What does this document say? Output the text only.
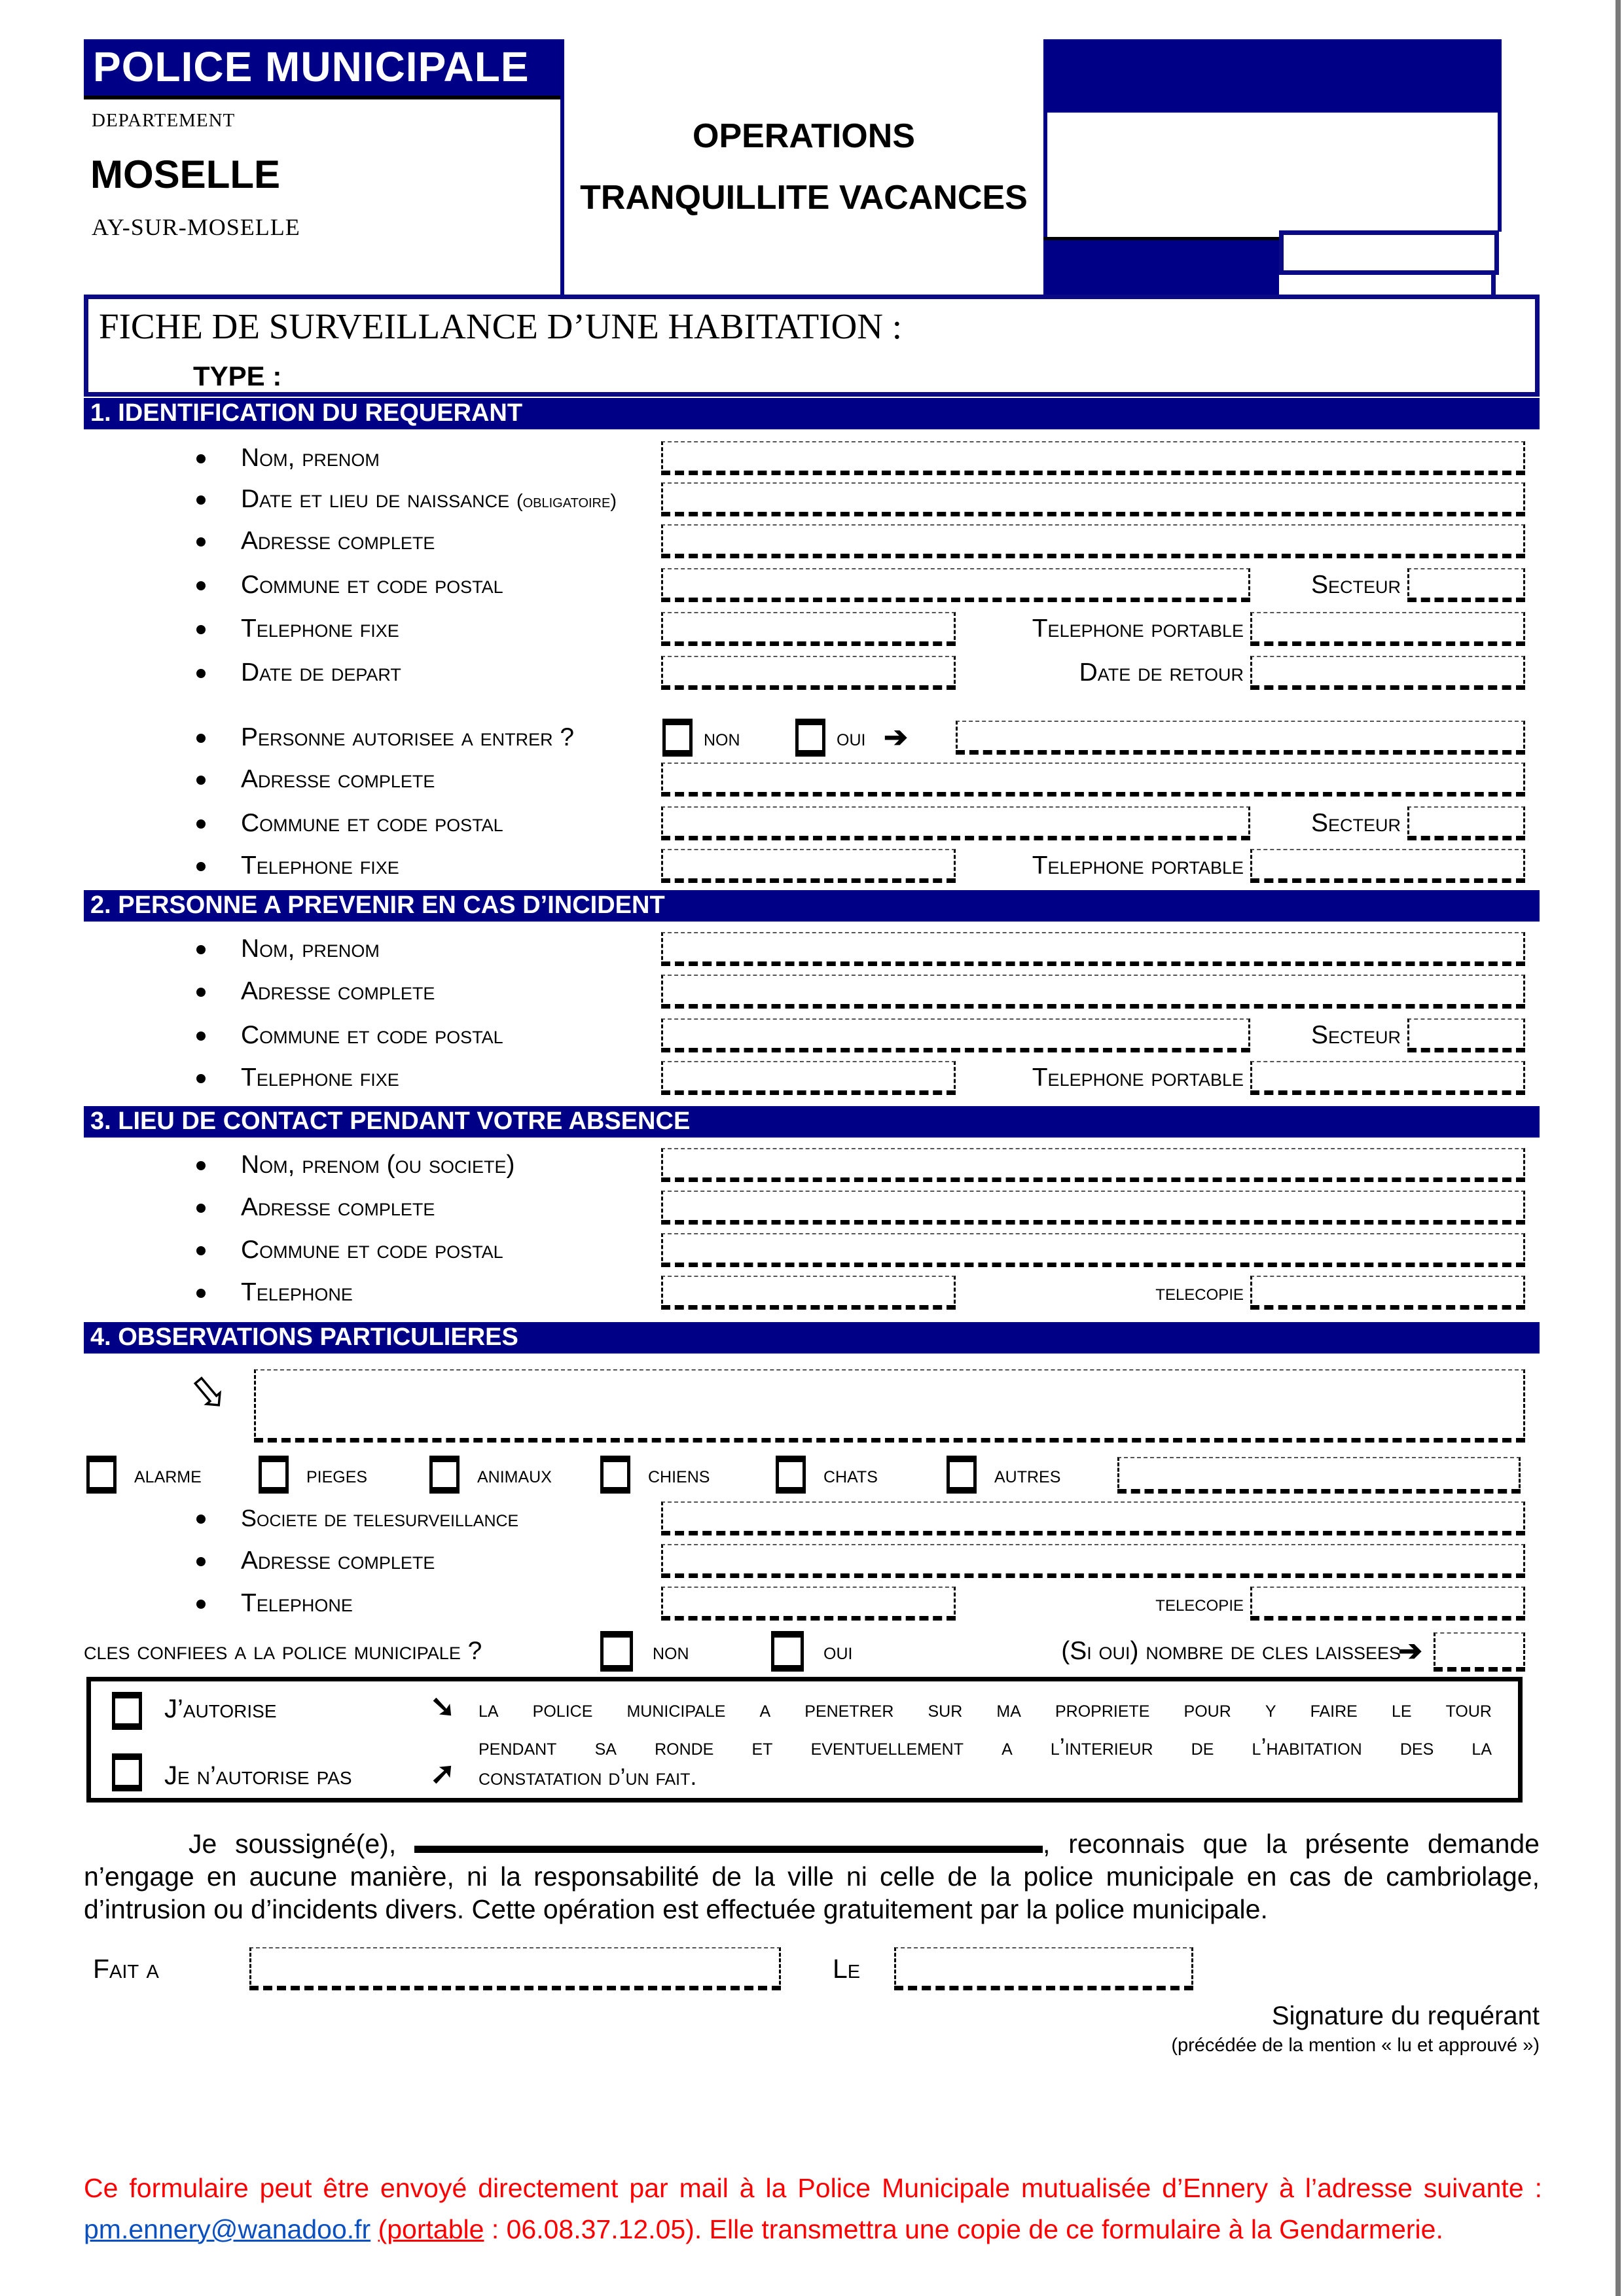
POLICE MUNICIPALE
DEPARTEMENT
MOSELLE
AY-SUR-MOSELLE
OPERATIONS
TRANQUILLITE VACANCES
FICHE DE SURVEILLANCE D’UNE HABITATION :
TYPE :
1. IDENTIFICATION DU REQUERANT
Nom, prenom
Date et lieu de naissance (obligatoire)
Adresse complete
Commune et code postal	Secteur
Telephone fixe	Telephone portable
Date de depart	Date de retour
Personne autorisee a entrer ?	non	oui ➔
Adresse complete
Commune et code postal	Secteur
Telephone fixe	Telephone portable
2. PERSONNE A PREVENIR EN CAS D’INCIDENT
Nom, prenom
Adresse complete
Commune et code postal	Secteur
Telephone fixe	Telephone portable
3. LIEU DE CONTACT PENDANT VOTRE ABSENCE
Nom, prenom (ou societe)
Adresse complete
Commune et code postal
Telephone	telecopie
4. OBSERVATIONS PARTICULIERES
⇩
alarme	pieges	animaux	chiens	chats	autres
Societe de telesurveillance
Adresse complete
Telephone	telecopie
cles confiees a la police municipale ?	non	oui	(Si oui) nombre de cles laissees
➔
J’autorise	➘ la police municipale a penetrer sur ma propriete pour y faire le tour
pendant sa ronde et eventuellement a l’interieur de l’habitation des la
Je n’autorise pas	➚ constatation d’un fait.
Je soussigné(e),	, reconnais que la présente demande
n’engage en aucune manière, ni la responsabilité de la ville ni celle de la police municipale en cas de cambriolage,
d’intrusion ou d’incidents divers. Cette opération est effectuée gratuitement par la police municipale.
Fait a	Le
Signature du requérant
(précédée de la mention « lu et approuvé »)
Ce formulaire peut être envoyé directement par mail à la Police Municipale mutualisée d’Ennery à l’adresse suivante :
pm.ennery@wanadoo.fr (portable : 06.08.37.12.05). Elle transmettra une copie de ce formulaire à la Gendarmerie.
